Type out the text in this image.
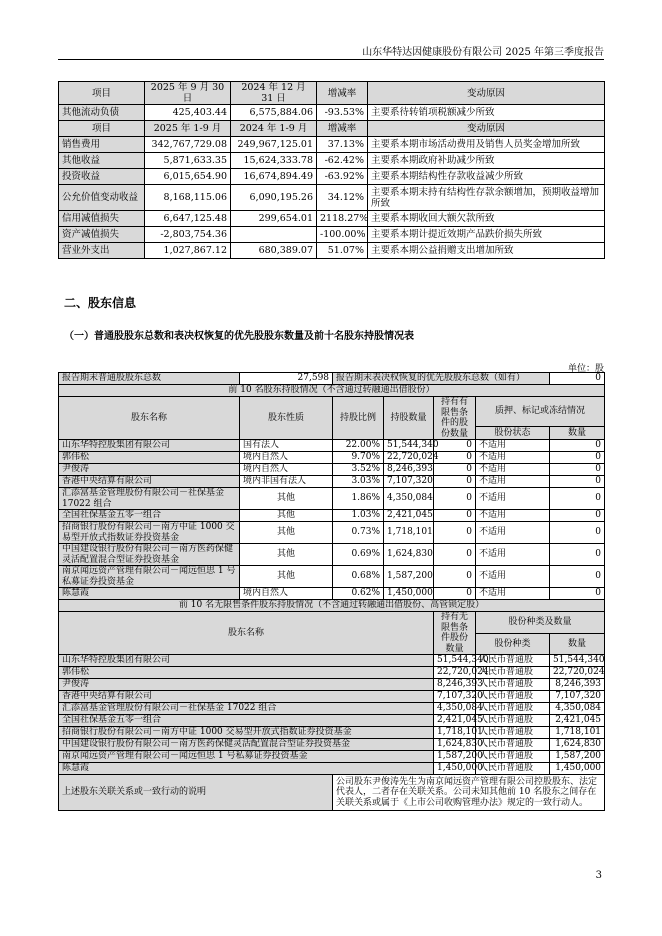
山东华特达因健康股份有限公司 2025 年第三季度报告
项目	2025 年 9 月 30 日	2024 年 12 月 31 日	增减率	变动原因
其他流动负债	425,403.44	6,575,884.06	-93.53%	主要系待转销项税额减少所致
项目	2025 年 1-9 月	2024 年 1-9 月	增减率	变动原因
销售费用	342,767,729.08	249,967,125.01	37.13%	主要系本期市场活动费用及销售人员奖金增加所致
其他收益	5,871,633.35	15,624,333.78	-62.42%	主要系本期政府补助减少所致
投资收益	6,015,654.90	16,674,894.49	-63.92%	主要系本期结构性存款收益减少所致
公允价值变动收益	8,168,115.06	6,090,195.26	34.12%	主要系本期末持有结构性存款余额增加，预期收益增加所致
信用减值损失	6,647,125.48	299,654.01	2118.27%	主要系本期收回大额欠款所致
资产减值损失	-2,803,754.36		-100.00%	主要系本期计提近效期产品跌价损失所致
营业外支出	1,027,867.12	680,389.07	51.07%	主要系本期公益捐赠支出增加所致
二、股东信息
（一）普通股股东总数和表决权恢复的优先股股东数量及前十名股东持股情况表
单位：股
报告期末普通股股东总数	27,598	报告期末表决权恢复的优先股股东总数（如有）				0
前 10 名股东持股情况（不含通过转融通出借股份）						
股东名称	股东性质	持股比例	持股数量	持有有限售条件的股份数量	质押、标记或冻结情况	
					股份状态	数量
山东华特控股集团有限公司	国有法人	22.00%	51,544,340	0	不适用	0
郭伟松	境内自然人	9.70%	22,720,024	0	不适用	0
尹俊涛	境内自然人	3.52%	8,246,393	0	不适用	0
香港中央结算有限公司	境内非国有法人	3.03%	7,107,320	0	不适用	0
汇添富基金管理股份有限公司－社保基金 17022 组合	其他	1.86%	4,350,084	0	不适用	0
全国社保基金五零一组合	其他	1.03%	2,421,045	0	不适用	0
招商银行股份有限公司－南方中证 1000 交易型开放式指数证券投资基金	其他	0.73%	1,718,101	0	不适用	0
中国建设银行股份有限公司－南方医药保健灵活配置混合型证券投资基金	其他	0.69%	1,624,830	0	不适用	0
南京闻远资产管理有限公司－闻远恒思 1 号私募证券投资基金	其他	0.68%	1,587,200	0	不适用	0
陈慧霞	境内自然人	0.62%	1,450,000	0	不适用	0
前 10 名无限售条件股东持股情况（不含通过转融通出借股份、高管锁定股）						
股东名称				持有无限售条件股份数量	股份种类及数量	
					股份种类	数量
山东华特控股集团有限公司				51,544,340	人民币普通股	51,544,340
郭伟松				22,720,024	人民币普通股	22,720,024
尹俊涛				8,246,393	人民币普通股	8,246,393
香港中央结算有限公司				7,107,320	人民币普通股	7,107,320
汇添富基金管理股份有限公司－社保基金 17022 组合				4,350,084	人民币普通股	4,350,084
全国社保基金五零一组合				2,421,045	人民币普通股	2,421,045
招商银行股份有限公司－南方中证 1000 交易型开放式指数证券投资基金				1,718,101	人民币普通股	1,718,101
中国建设银行股份有限公司－南方医药保健灵活配置混合型证券投资基金				1,624,830	人民币普通股	1,624,830
南京闻远资产管理有限公司－闻远恒思 1 号私募证券投资基金				1,587,200	人民币普通股	1,587,200
陈慧霞				1,450,000	人民币普通股	1,450,000
上述股东关联关系或一致行动的说明		公司股东尹俊涛先生为南京闻远资产管理有限公司控股股东、法定代表人，二者存在关联关系。公司未知其他前 10 名股东之间存在关联关系或属于《上市公司收购管理办法》规定的一致行动人。				
3
